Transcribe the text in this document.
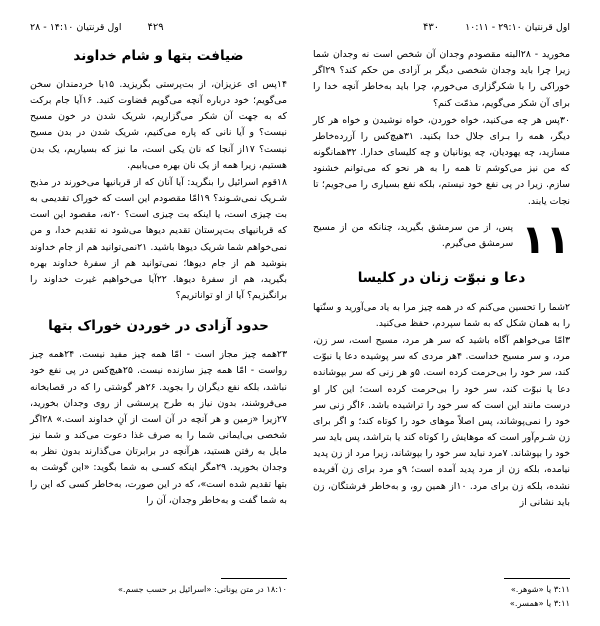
اول قرنتیان ۲۹:۱۰ - ۱۰:۱۱
۴۳۰
۴۲۹
اول قرنتیان ۱۴:۱۰ - ۲۸

مخورید - ۲۸البته مقصودم وجدان آن شخص است نه وجدان شما زیرا چرا باید وجدان شخصی دیگر بر آزادی من حکم کند؟ ۲۹اگر خوراکی را با شکرگزاری می‌خورم، چرا باید به‌خاطر آنچه خدا را برای آن شکر می‌گویم، مذمّت کنم؟

۳۰پس هر چه می‌کنید، خواه خوردن، خواه نوشیدن و خواه هر کار دیگر، همه را بـرای جلال خدا بکنید. ۳۱هیچ‌کس را آزرده‌خاطر مسازید، چه یهودیان، چه یونانیان و چه کلیسای خدارا. ۳۲همانگونه که من نیز می‌کوشم تا همه را به هر نحو که می‌توانم خشنود سازم. زیرا در پی نفع خود نیستم، بلکه نفع بسیاری را می‌جویم؛ تا نجات یابند.

۱۱

پس، از من سرمشق بگیرید، چنانکه من از مسیح سرمشق می‌گیرم.

دعا و نبوّت زنان در کلیسا

۲شما را تحسین می‌کنم که در همه چیز مرا به یاد می‌آورید و سنّتها را به همان شکل که به شما سپردم، حفظ می‌کنید.

۳امّا می‌خواهم آگاه باشید که سر هر مرد، مسیح است، سر زن، مرد، و سر مسیح خداست. ۴هر مردی که سر پوشیده دعا یا نبوّت کند، سر خود را بی‌حرمت کرده است. ۵و هر زنی که سر بپوشانده دعا یا نبوّت کند، سر خود را بی‌حرمت کرده است؛ این کار او درست مانند این است که سر خود را تراشیده باشد. ۶اگر زنی سر خود را نمی‌پوشاند، پس اصلاً موهای خود را کوتاه کند؛ و اگر برای زن شـرم‌آور است که موهایش را کوتاه کند یا بتراشد، پس باید سر خود را بپوشاند. ۷مرد نباید سر خود را بپوشاند، زیرا مرد از زن پدید نیامده، بلکه زن از مرد پدید آمده است؛ ۹و مرد برای زن آفریده نشده، بلکه زن برای مرد. ۱۰از همین رو، و به‌خاطر فرشتگان، زن باید نشانی از

ضیافت بتها و شام خداوند

۱۴پس ای عزیزان، از بت‌پرستی بگریزید. ۱۵با خردمندان سخن می‌گویم؛ خود درباره آنچه می‌گویم قضاوت کنید. ۱۶آیا جام برکت که به جهت آن شکر می‌گزاریم، شریک شدن در خون مسیح نیست؟ و آیا نانی که پاره می‌کنیم، شریک شدن در بدن مسیح نیست؟ ۱۷از آنجا که نان یکی است، ما نیز که بسیاریم، یک بدن هستیم، زیرا همه از یک نان بهره می‌یابیم.

۱۸قوم اسرائیل را بنگرید: آیا آنان که از قربانیها می‌خورند در مذبح شـریک نمی‌شـوند؟ ۱۹امّا مقصودم این است که خوراک تقدیمی به بت چیزی است، یا اینکه بت چیزی است؟ ۲۰نه، مقصود این است که قربانیهای بت‌پرستان تقدیم دیوها می‌شود نه تقدیم خدا، و من نمی‌خواهم شما شریک دیوها باشید. ۲۱نمی‌توانید هم از جام خداوند بنوشید هم از جام دیوها؛ نمی‌توانید هم از سفرهٔ خداوند بهره بگیرید، هم از سفرهٔ دیوها. ۲۲آیا می‌خواهیم غیرت خداوند را برانگیزیم؟ آیا از او تواناتریم؟

حدود آزادی در خوردن خوراک بتها

۲۳همه چیز مجاز است - امّا همه چیز مفید نیست. ۲۴همه چیز رواست - امّا همه چیز سازنده نیست. ۲۵هیچ‌کس در پی نفع خود نباشد، بلکه نفع دیگران را بجوید. ۲۶هر گوشتی را که در قصابخانه می‌فروشند، بدون نیاز به طرح پرسشی از روی وجدان بخورید، ۲۷زیرا «زمین و هر آنچه در آن است از آنِ خداوند است.» ۲۸اگر شخصی بی‌ایمانی شما را به صرف غذا دعوت می‌کند و شما نیز مایل به رفتن هستید، هرآنچه در برابرتان می‌گذارند بدون نظر به وجدان بخورید. ۲۹مگر اینکه کسـی به شما بگوید: «این گوشت به بتها تقدیم شده است»، که در این صورت، به‌خاطر کسی که این را به شما گفت و به‌خاطر وجدان، آن را

۳:۱۱ یا «شوهر.»
۳:۱۱ یا «همسر.»
۱۸:۱۰ در متن یونانی: «اسرائیل بر حسب جسم.»
